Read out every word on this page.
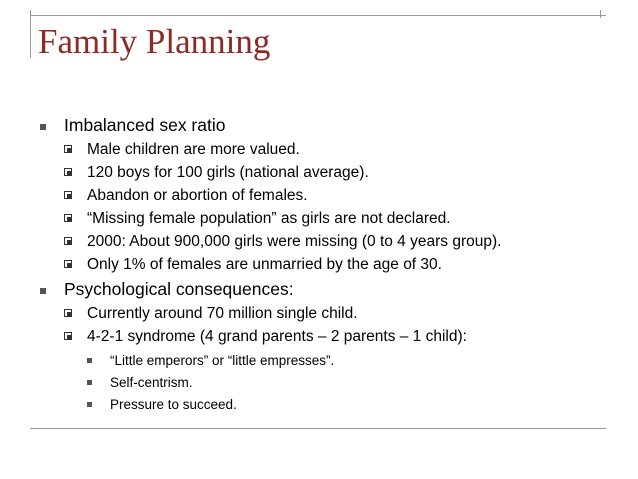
Family Planning
Imbalanced sex ratio
Male children are more valued.
120 boys for 100 girls (national average).
Abandon or abortion of females.
“Missing female population” as girls are not declared.
2000: About 900,000 girls were missing (0 to 4 years group).
Only 1% of females are unmarried by the age of 30.
Psychological consequences:
Currently around 70 million single child.
4-2-1 syndrome (4 grand parents – 2 parents – 1 child):
“Little emperors” or “little empresses”.
Self-centrism.
Pressure to succeed.
